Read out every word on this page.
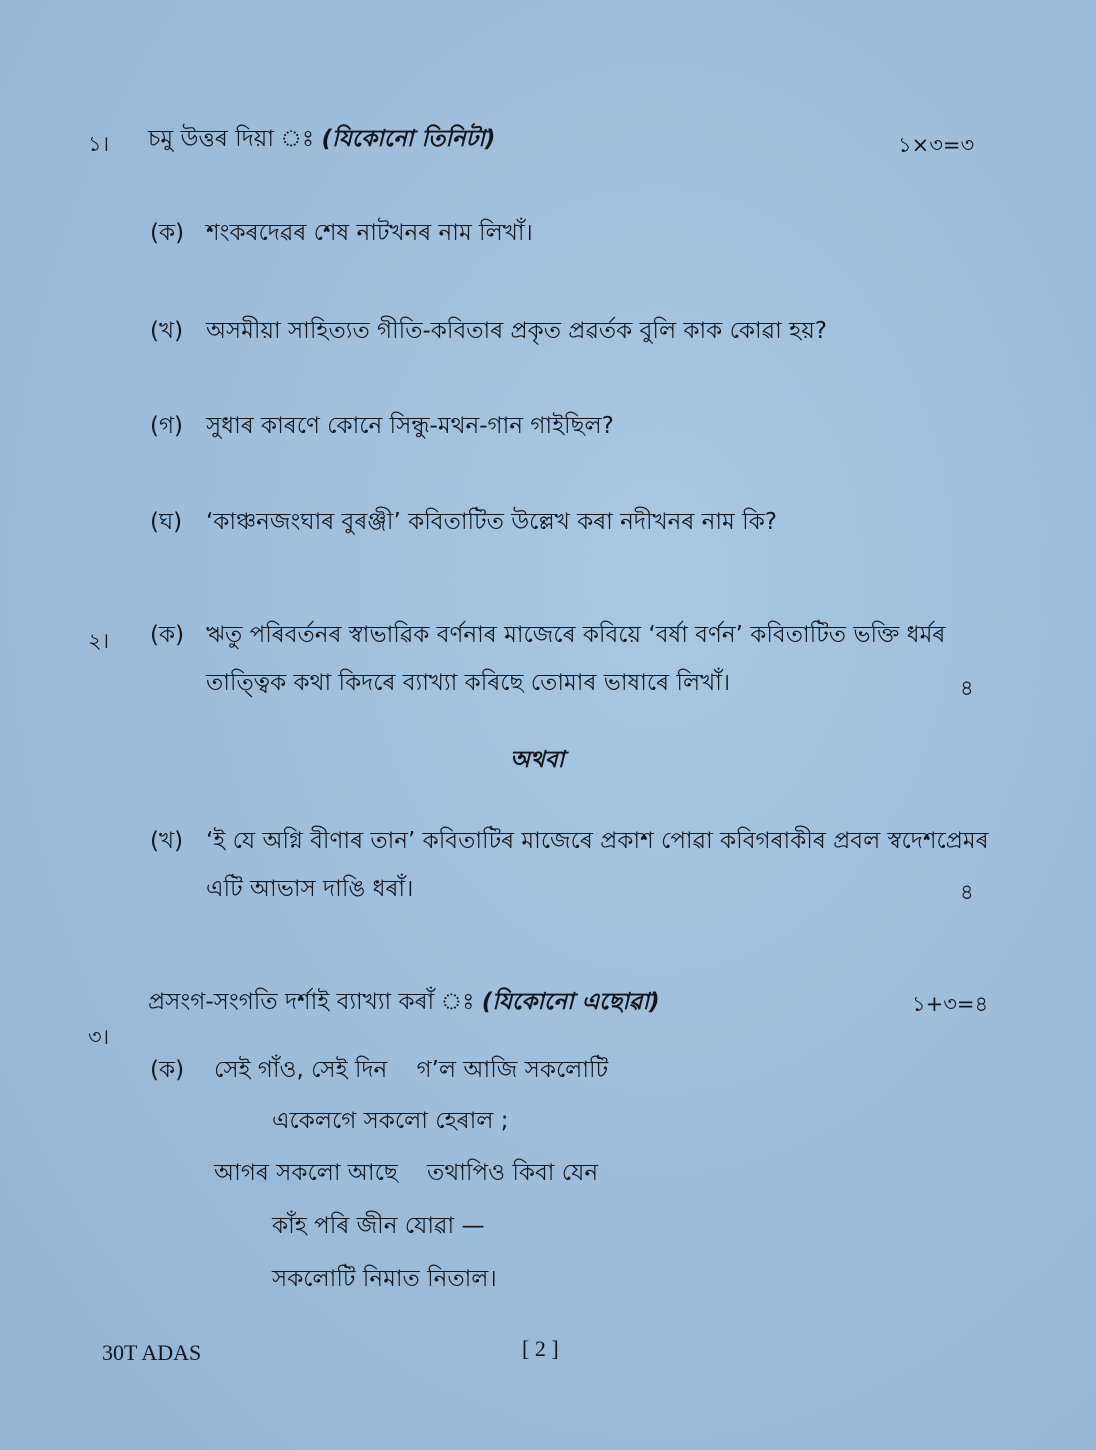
১। চমু উত্তৰ দিয়া ঃ (যিকোনো তিনিটা)	১×৩=৩
(ক) শংকৰদেৱৰ শেষ নাটখনৰ নাম লিখাঁ।
(খ) অসমীয়া সাহিত্যত গীতি-কবিতাৰ প্ৰকৃত প্ৰৱৰ্তক বুলি কাক কোৱা হয়?
(গ) সুধাৰ কাৰণে কোনে সিন্ধু-মথন-গান গাইছিল?
(ঘ) ‘কাঞ্চনজংঘাৰ বুৰঞ্জী’ কবিতাটিত উল্লেখ কৰা নদীখনৰ নাম কি?
২। (ক) ঋতু পৰিবৰ্তনৰ স্বাভাৱিক বৰ্ণনাৰ মাজেৰে কবিয়ে ‘বৰ্ষা বৰ্ণন’ কবিতাটিত ভক্তি ধৰ্মৰ
তাত্ত্বিক কথা কিদৰে ব্যাখ্যা কৰিছে তোমাৰ ভাষাৰে লিখাঁ।	৪
অথবা
(খ) ‘ই যে অগ্নি বীণাৰ তান’ কবিতাটিৰ মাজেৰে প্ৰকাশ পোৱা কবিগৰাকীৰ প্ৰবল স্বদেশপ্ৰেমৰ
এটি আভাস দাঙি ধৰাঁ।	৪
৩।
প্ৰসংগ-সংগতি দৰ্শাই ব্যাখ্যা কৰাঁ ঃ (যিকোনো এছোৱা)	১+৩=৪
(ক) সেই গাঁও, সেই দিন    গ’ল আজি সকলোটি
একেলগে সকলো হেৰাল ;
আগৰ সকলো আছে    তথাপিও কিবা যেন
কাঁহ পৰি জীন যোৱা —
সকলোটি নিমাত নিতাল।
30T ADAS	[ 2 ]
